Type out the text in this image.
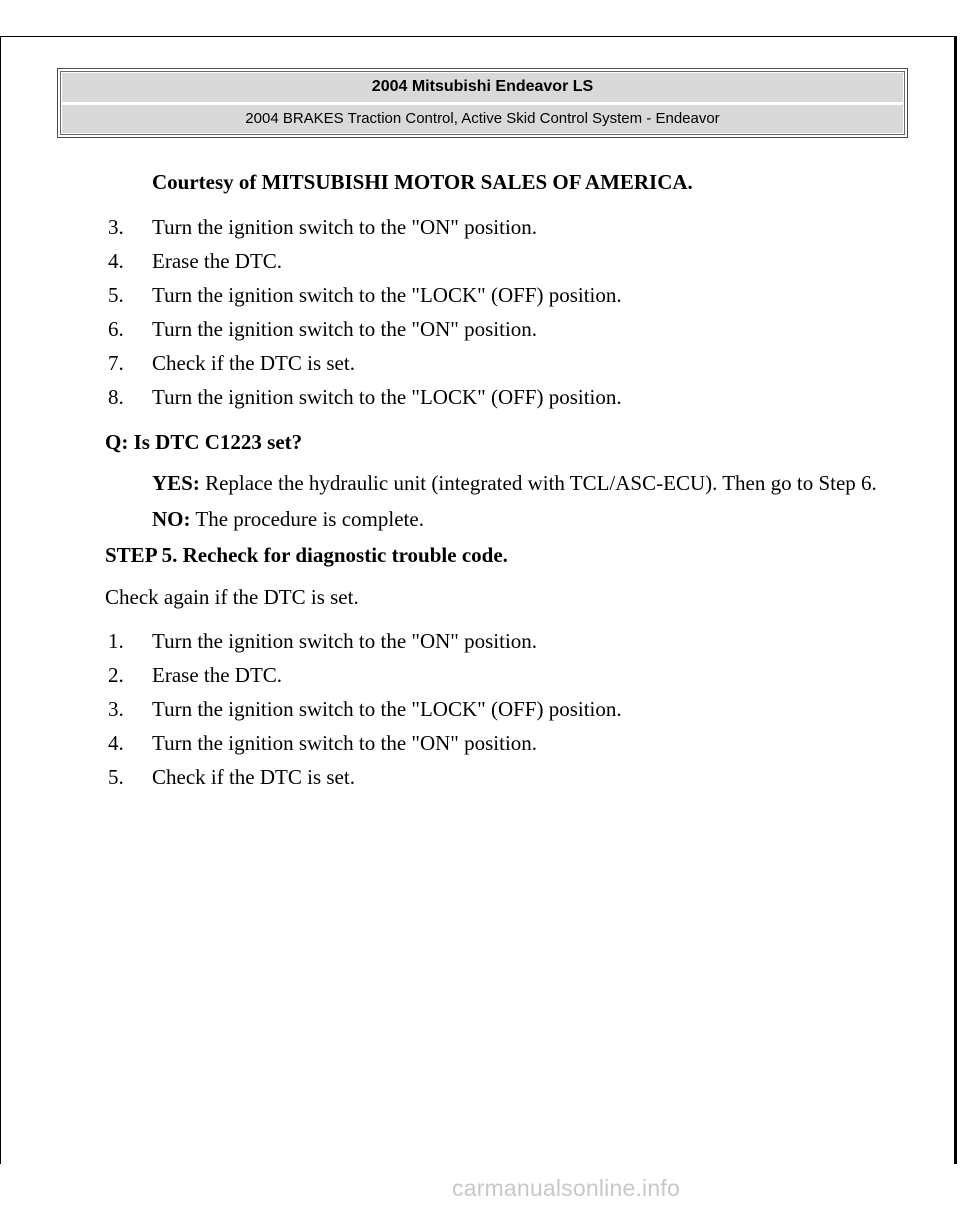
2004 Mitsubishi Endeavor LS
2004 BRAKES Traction Control, Active Skid Control System - Endeavor
Courtesy of MITSUBISHI MOTOR SALES OF AMERICA.
3.	Turn the ignition switch to the "ON" position.
4.	Erase the DTC.
5.	Turn the ignition switch to the "LOCK" (OFF) position.
6.	Turn the ignition switch to the "ON" position.
7.	Check if the DTC is set.
8.	Turn the ignition switch to the "LOCK" (OFF) position.
Q: Is DTC C1223 set?
YES: Replace the hydraulic unit (integrated with TCL/ASC-ECU). Then go to Step 6.
NO: The procedure is complete.
STEP 5. Recheck for diagnostic trouble code.
Check again if the DTC is set.
1.	Turn the ignition switch to the "ON" position.
2.	Erase the DTC.
3.	Turn the ignition switch to the "LOCK" (OFF) position.
4.	Turn the ignition switch to the "ON" position.
5.	Check if the DTC is set.
carmanualsonline.info
